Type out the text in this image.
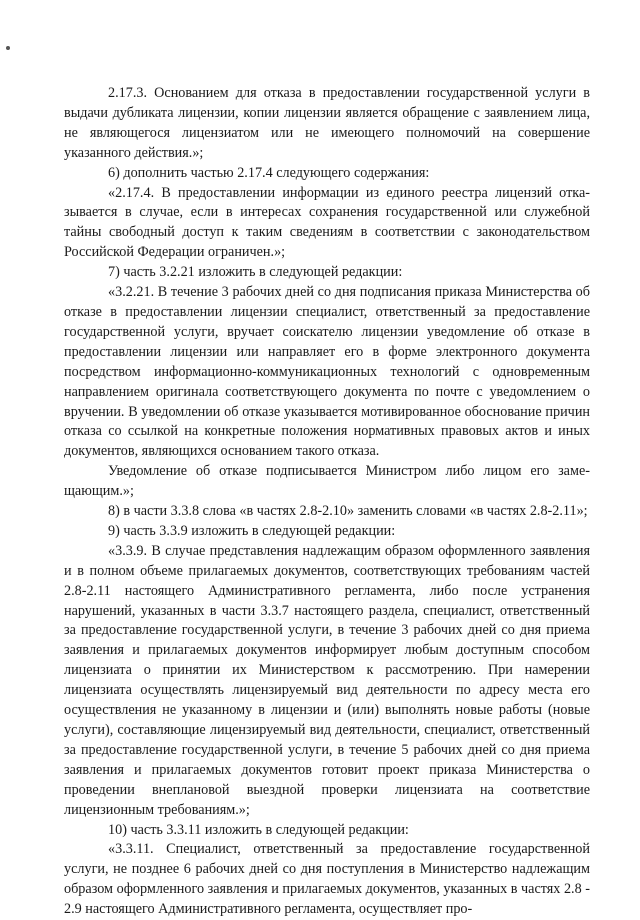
2.17.3. Основанием для отказа в предоставлении государственной услуги в выдачи дубликата лицензии, копии лицензии является обращение с заявлением лица, не являющегося лицензиатом или не имеющего полномочий на совершение указанного действия.»;

6) дополнить частью 2.17.4 следующего содержания:

«2.17.4. В предоставлении информации из единого реестра лицензий отказывается в случае, если в интересах сохранения государственной или служебной тайны свободный доступ к таким сведениям в соответствии с законодательством Российской Федерации ограничен.»;

7) часть 3.2.21 изложить в следующей редакции:

«3.2.21. В течение 3 рабочих дней со дня подписания приказа Министерства об отказе в предоставлении лицензии специалист, ответственный за предоставление государственной услуги, вручает соискателю лицензии уведомление об отказе в предоставлении лицензии или направляет его в форме электронного документа посредством информационно-коммуникационных технологий с одновременным направлением оригинала соответствующего документа по почте с уведомлением о вручении. В уведомлении об отказе указывается мотивированное обоснование причин отказа со ссылкой на конкретные положения нормативных правовых актов и иных документов, являющихся основанием такого отказа.

Уведомление об отказе подписывается Министром либо лицом его замещающим.»;

8) в части 3.3.8 слова «в частях 2.8-2.10» заменить словами «в частях 2.8-2.11»;

9) часть 3.3.9 изложить в следующей редакции:

«3.3.9. В случае представления надлежащим образом оформленного заявления и в полном объеме прилагаемых документов, соответствующих требованиям частей 2.8-2.11 настоящего Административного регламента, либо после устранения нарушений, указанных в части 3.3.7 настоящего раздела, специалист, ответственный за предоставление государственной услуги, в течение 3 рабочих дней со дня приема заявления и прилагаемых документов информирует любым доступным способом лицензиата о принятии их Министерством к рассмотрению. При намерении лицензиата осуществлять лицензируемый вид деятельности по адресу места его осуществления не указанному в лицензии и (или) выполнять новые работы (новые услуги), составляющие лицензируемый вид деятельности, специалист, ответственный за предоставление государственной услуги, в течение 5 рабочих дней со дня приема заявления и прилагаемых документов готовит проект приказа Министерства о проведении внеплановой выездной проверки лицензиата на соответствие лицензионным требованиям.»;

10) часть 3.3.11 изложить в следующей редакции:

«3.3.11. Специалист, ответственный за предоставление государственной услуги, не позднее 6 рабочих дней со дня поступления в Министерство надлежащим образом оформленного заявления и прилагаемых документов, указанных в частях 2.8 - 2.9 настоящего Административного регламента, осуществляет про-
